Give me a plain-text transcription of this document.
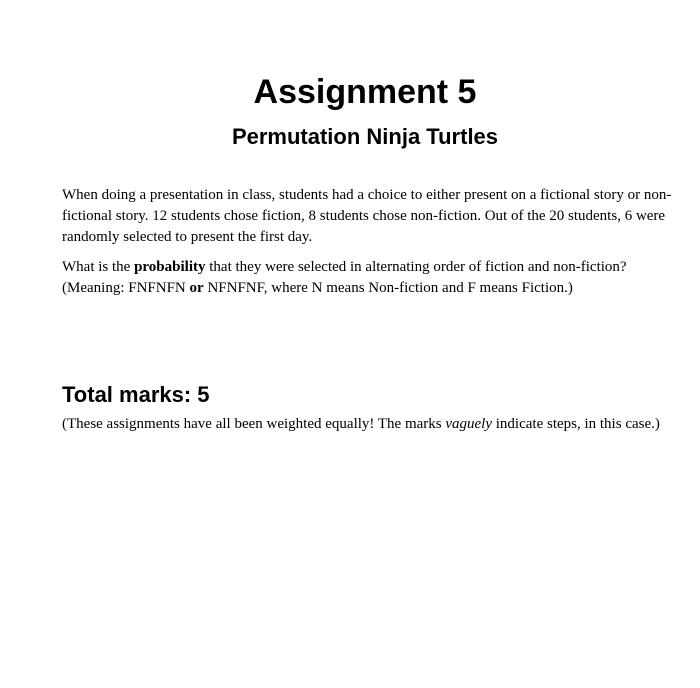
Assignment 5
Permutation Ninja Turtles

When doing a presentation in class, students had a choice to either present on a fictional story or non-fictional story. 12 students chose fiction, 8 students chose non-fiction. Out of the 20 students, 6 were randomly selected to present the first day.

What is the probability that they were selected in alternating order of fiction and non-fiction? (Meaning: FNFNFN or NFNFNF, where N means Non-fiction and F means Fiction.)

Total marks: 5

(These assignments have all been weighted equally! The marks vaguely indicate steps, in this case.)
